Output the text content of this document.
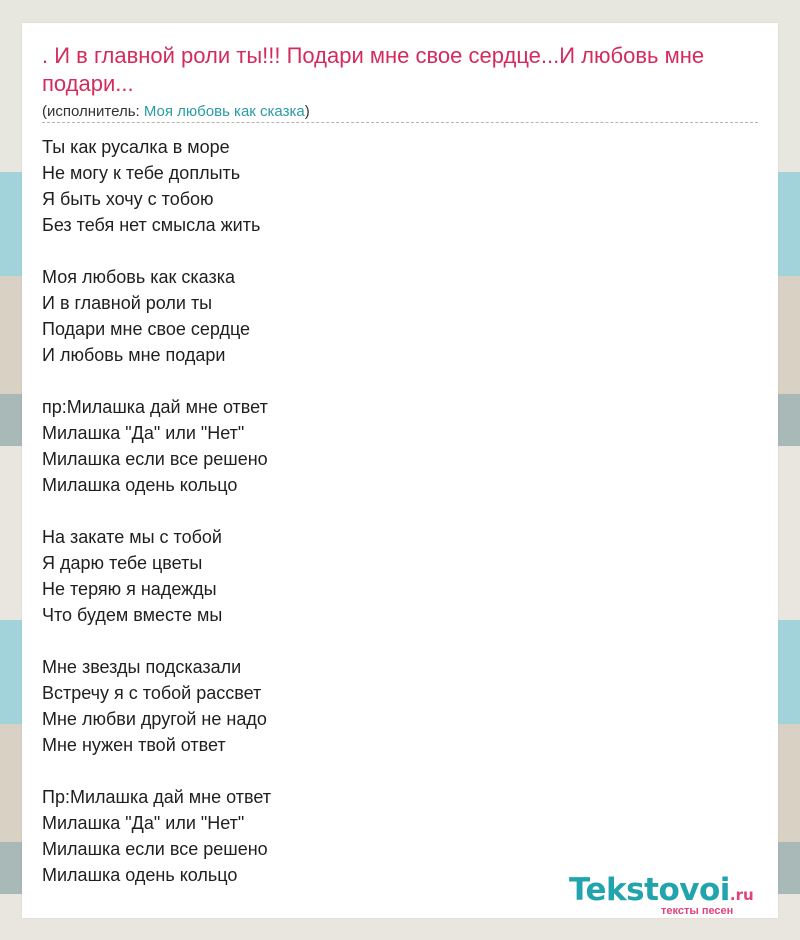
. И в главной роли ты!!! Подари мне свое сердце...И любовь мне подари...
(исполнитель: Моя любовь как сказка)
Ты как русалка в море
Не могу к тебе доплыть
Я быть хочу с тобою
Без тебя нет смысла жить
Моя любовь как сказка
И в главной роли ты
Подари мне свое сердце
И любовь мне подари
пр:Милашка дай мне ответ
Милашка "Да" или "Нет"
Милашка если все решено
Милашка одень кольцо
На закате мы с тобой
Я дарю тебе цветы
Не теряю я надежды
Что будем вместе мы
Мне звезды подсказали
Встречу я с тобой рассвет
Мне любви другой не надо
Мне нужен твой ответ
Пр:Милашка дай мне ответ
Милашка "Да" или "Нет"
Милашка если все решено
Милашка одень кольцо	Tekstovoi.ru
тексты песен
